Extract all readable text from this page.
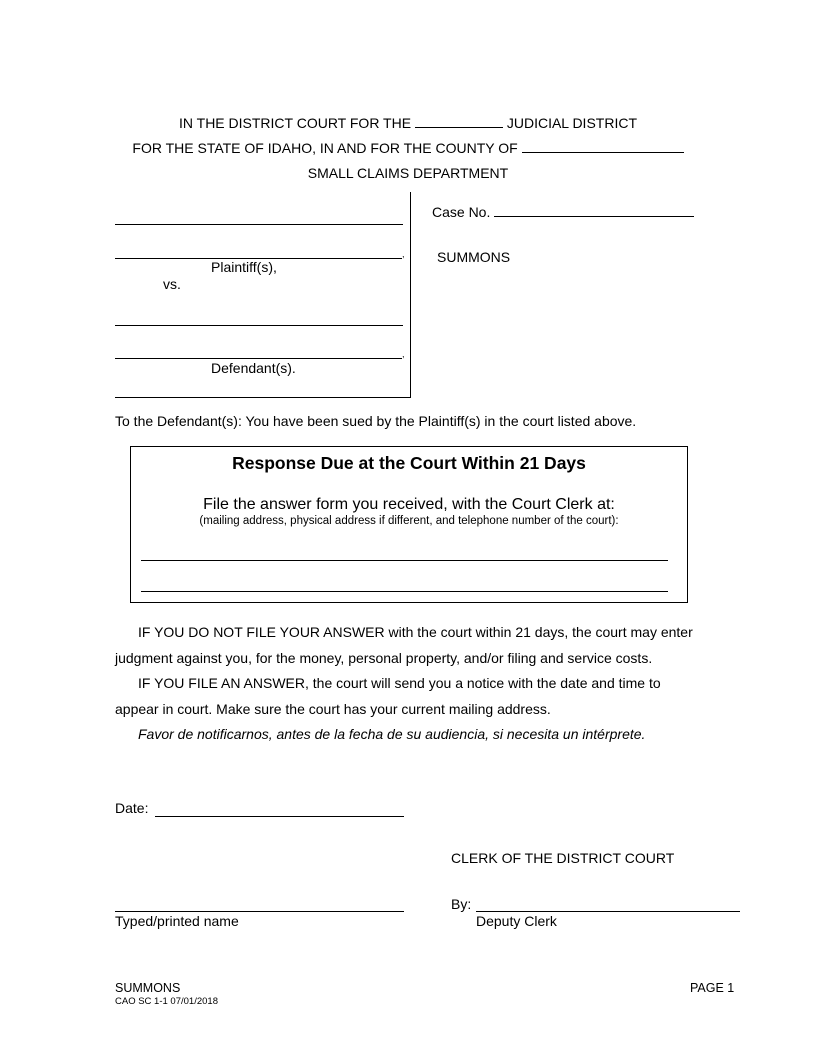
IN THE DISTRICT COURT FOR THE	JUDICIAL DISTRICT
FOR THE STATE OF IDAHO, IN AND FOR THE COUNTY OF
SMALL CLAIMS DEPARTMENT
,
Plaintiff(s),
vs.
,
Defendant(s).
Case No.
SUMMONS
To the Defendant(s): You have been sued by the Plaintiff(s) in the court listed above.
Response Due at the Court Within 21 Days
File the answer form you received, with the Court Clerk at:
(mailing address, physical address if different, and telephone number of the court):

IF YOU DO NOT FILE YOUR ANSWER with the court within 21 days, the court may enter judgment against you, for the money, personal property, and/or filing and service costs.

IF YOU FILE AN ANSWER, the court will send you a notice with the date and time to appear in court. Make sure the court has your current mailing address.

Favor de notificarnos, antes de la fecha de su audiencia, si necesita un intérprete.

Date:
CLERK OF THE DISTRICT COURT
By:
Deputy Clerk
Typed/printed name
SUMMONS
CAO SC 1-1 07/01/2018
PAGE 1
